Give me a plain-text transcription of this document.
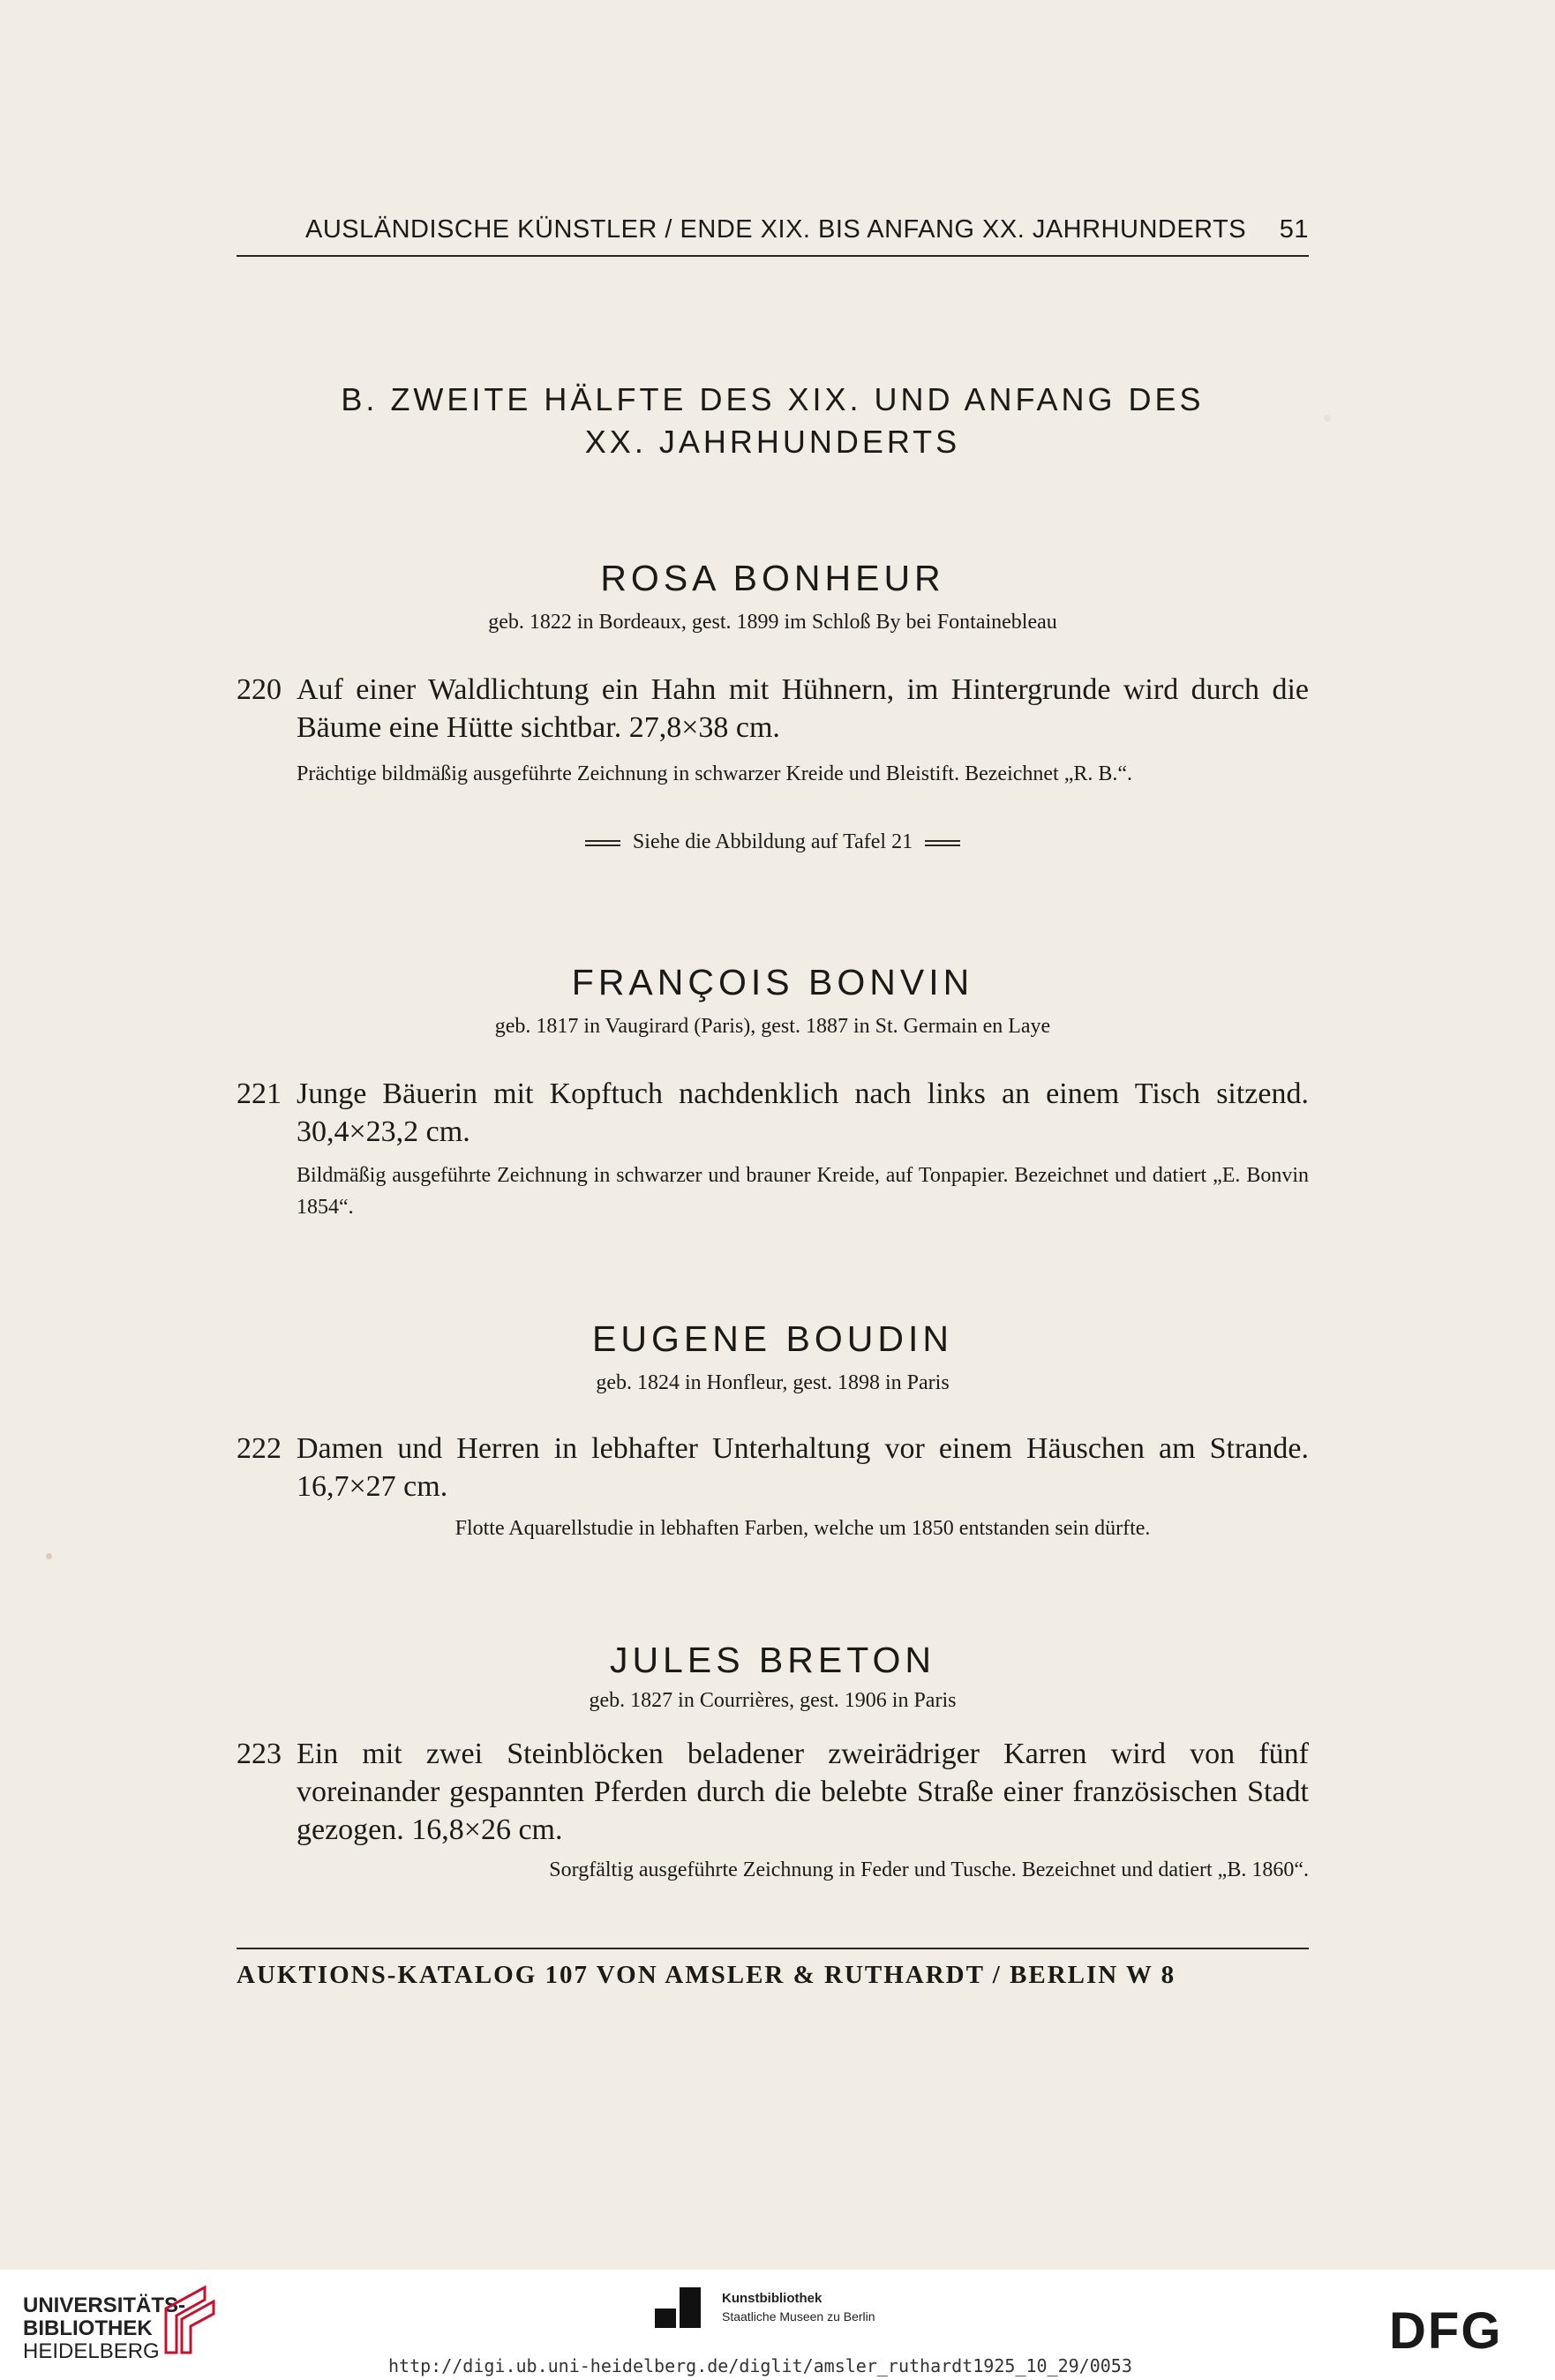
AUSLÄNDISCHE KÜNSTLER / ENDE XIX. BIS ANFANG XX. JAHRHUNDERTS 51
B. ZWEITE HÄLFTE DES XIX. UND ANFANG DES
XX. JAHRHUNDERTS
ROSA BONHEUR
geb. 1822 in Bordeaux, gest. 1899 im Schloß By bei Fontainebleau
220 Auf einer Waldlichtung ein Hahn mit Hühnern, im Hintergrunde wird durch die Bäume eine Hütte sichtbar. 27,8×38 cm.
Prächtige bildmäßig ausgeführte Zeichnung in schwarzer Kreide und Bleistift. Bezeichnet „R. B.“.
Siehe die Abbildung auf Tafel 21
FRANÇOIS BONVIN
geb. 1817 in Vaugirard (Paris), gest. 1887 in St. Germain en Laye
221 Junge Bäuerin mit Kopftuch nachdenklich nach links an einem Tisch sitzend. 30,4×23,2 cm.
Bildmäßig ausgeführte Zeichnung in schwarzer und brauner Kreide, auf Tonpapier. Bezeichnet und datiert „E. Bonvin 1854“.
EUGENE BOUDIN
geb. 1824 in Honfleur, gest. 1898 in Paris
222 Damen und Herren in lebhafter Unterhaltung vor einem Häuschen am Strande. 16,7×27 cm.
Flotte Aquarellstudie in lebhaften Farben, welche um 1850 entstanden sein dürfte.
JULES BRETON
geb. 1827 in Courrières, gest. 1906 in Paris
223 Ein mit zwei Steinblöcken beladener zweirädriger Karren wird von fünf voreinander gespannten Pferden durch die belebte Straße einer französischen Stadt gezogen. 16,8×26 cm.
Sorgfältig ausgeführte Zeichnung in Feder und Tusche. Bezeichnet und datiert „B. 1860“.
AUKTIONS-KATALOG 107 VON AMSLER & RUTHARDT / BERLIN W 8
UNIVERSITÄTS-
BIBLIOTHEK
HEIDELBERG
Kunstbibliothek
Staatliche Museen zu Berlin
http://digi.ub.uni-heidelberg.de/diglit/amsler_ruthardt1925_10_29/0053
DFG
